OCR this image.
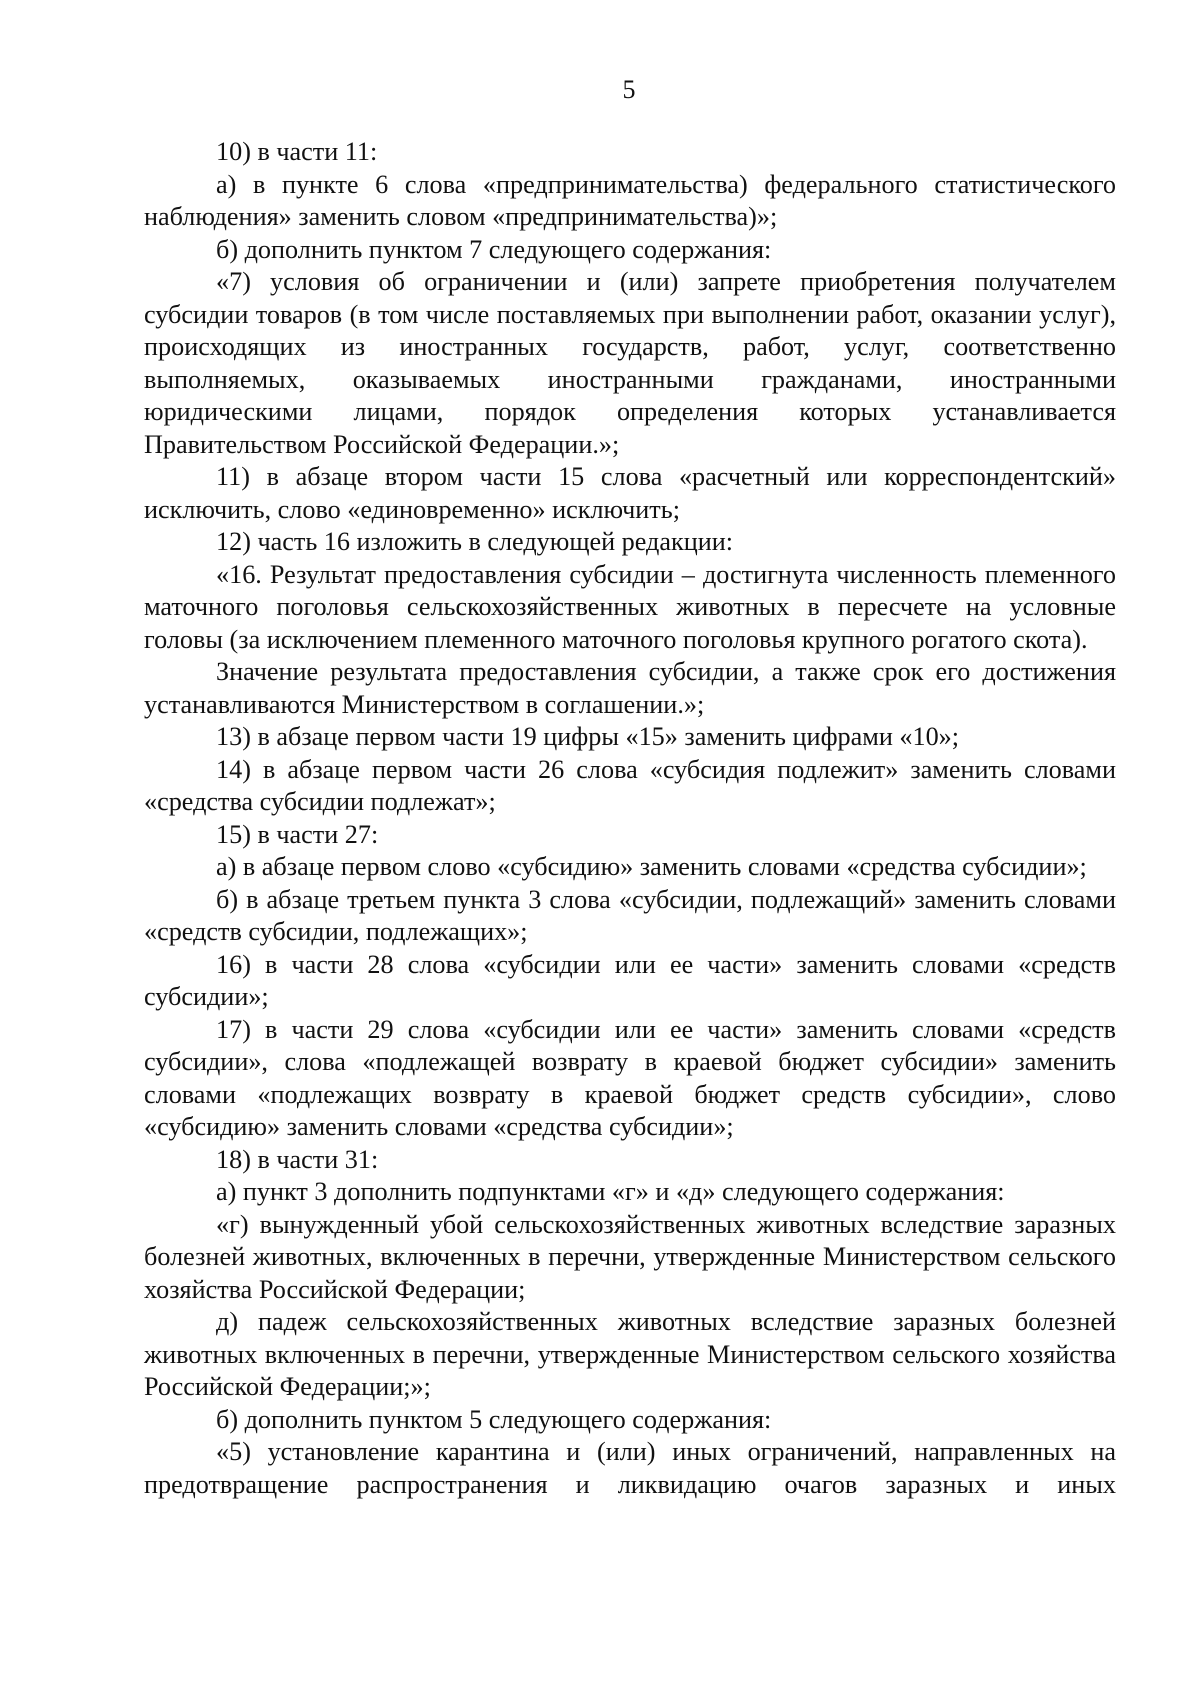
5

10) в части 11:

а) в пункте 6 слова «предпринимательства) федерального статистического наблюдения» заменить словом «предпринимательства)»;

б) дополнить пунктом 7 следующего содержания:

«7) условия об ограничении и (или) запрете приобретения получателем субсидии товаров (в том числе поставляемых при выполнении работ, оказании услуг), происходящих из иностранных государств, работ, услуг, соответственно выполняемых, оказываемых иностранными гражданами, иностранными юридическими лицами, порядок определения которых устанавливается Правительством Российской Федерации.»;

11) в абзаце втором части 15 слова «расчетный или корреспондентский» исключить, слово «единовременно» исключить;

12) часть 16 изложить в следующей редакции:

«16. Результат предоставления субсидии – достигнута численность племенного маточного поголовья сельскохозяйственных животных в пересчете на условные головы (за исключением племенного маточного поголовья крупного рогатого скота).

Значение результата предоставления субсидии, а также срок его достижения устанавливаются Министерством в соглашении.»;

13) в абзаце первом части 19 цифры «15» заменить цифрами «10»;

14) в абзаце первом части 26 слова «субсидия подлежит» заменить словами «средства субсидии подлежат»;

15) в части 27:

а) в абзаце первом слово «субсидию» заменить словами «средства субсидии»;

б) в абзаце третьем пункта 3 слова «субсидии, подлежащий» заменить словами «средств субсидии, подлежащих»;

16) в части 28 слова «субсидии или ее части» заменить словами «средств субсидии»;

17) в части 29 слова «субсидии или ее части» заменить словами «средств субсидии», слова «подлежащей возврату в краевой бюджет субсидии» заменить словами «подлежащих возврату в краевой бюджет средств субсидии», слово «субсидию» заменить словами «средства субсидии»;

18) в части 31:

а) пункт 3 дополнить подпунктами «г» и «д» следующего содержания:

«г) вынужденный убой сельскохозяйственных животных вследствие заразных болезней животных, включенных в перечни, утвержденные Министерством сельского хозяйства Российской Федерации;

д) падеж сельскохозяйственных животных вследствие заразных болезней животных включенных в перечни, утвержденные Министерством сельского хозяйства Российской Федерации;»;

б) дополнить пунктом 5 следующего содержания:

«5) установление карантина и (или) иных ограничений, направленных на предотвращение распространения и ликвидацию очагов заразных и иных
